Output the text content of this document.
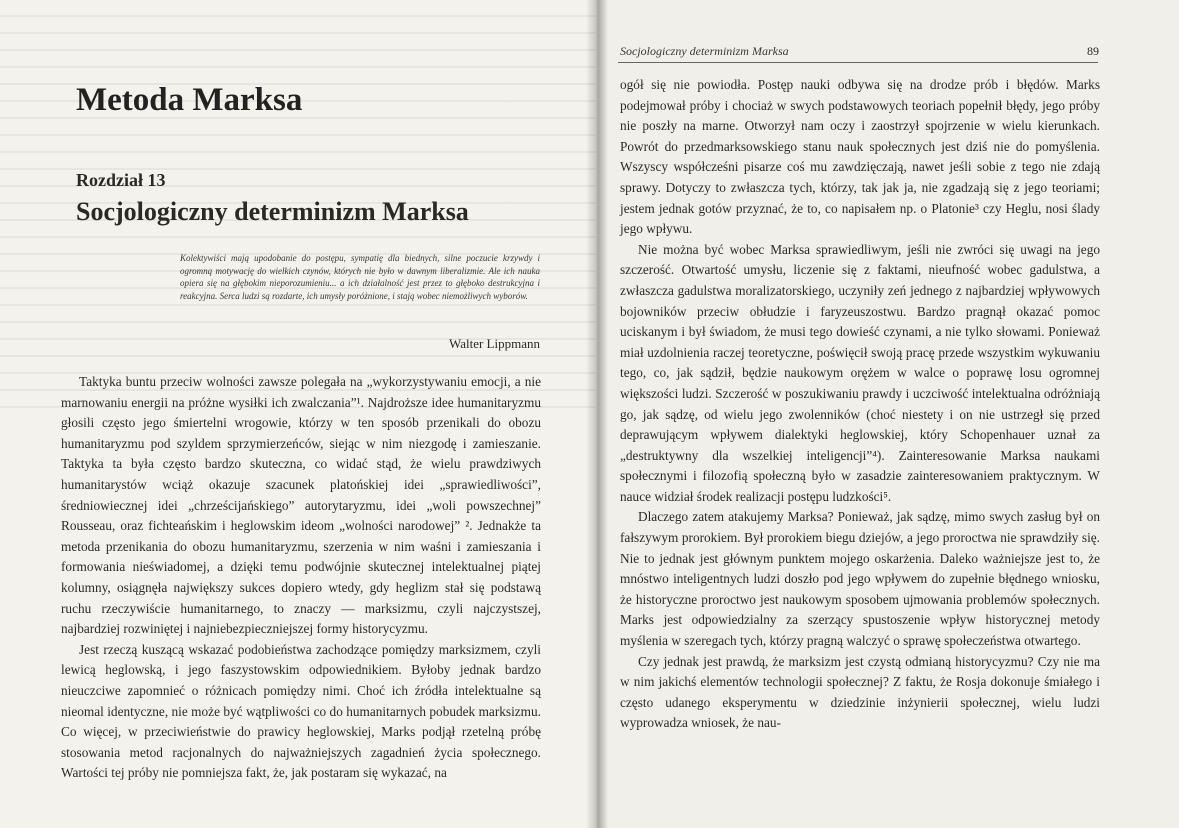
Metoda Marksa
Rozdział 13
Socjologiczny determinizm Marksa
Kolektywiści mają upodobanie do postępu, sympatię dla biednych, silne poczucie krzywdy i ogromną motywację do wielkich czynów, których nie było w dawnym liberalizmie. Ale ich nauka opiera się na głębokim nieporozumieniu... a ich działalność jest przez to głęboko destrukcyjna i reakcyjna. Serca ludzi są rozdarte, ich umysły poróżnione, i stają wobec niemożliwych wyborów.
Walter Lippmann

Taktyka buntu przeciw wolności zawsze polegała na „wykorzystywaniu emocji, a nie marnowaniu energii na próżne wysiłki ich zwalczania”¹. Najdroższe idee humanitaryzmu głosili często jego śmiertelni wrogowie, którzy w ten sposób przenikali do obozu humanitaryzmu pod szyldem sprzymierzeńców, siejąc w nim niezgodę i zamieszanie. Taktyka ta była często bardzo skuteczna, co widać stąd, że wielu prawdziwych humanitarystów wciąż okazuje szacunek platońskiej idei „sprawiedliwości”, średniowiecznej idei „chrześcijańskiego” autorytaryzmu, idei „woli powszechnej” Rousseau, oraz fichteańskim i heglowskim ideom „wolności narodowej” ². Jednakże ta metoda przenikania do obozu humanitaryzmu, szerzenia w nim waśni i zamieszania i formowania nieświadomej, a dzięki temu podwójnie skutecznej intelektualnej piątej kolumny, osiągnęła największy sukces dopiero wtedy, gdy heglizm stał się podstawą ruchu rzeczywiście humanitarnego, to znaczy — marksizmu, czyli najczystszej, najbardziej rozwiniętej i najniebezpieczniejszej formy historycyzmu.

Jest rzeczą kuszącą wskazać podobieństwa zachodzące pomiędzy marksizmem, czyli lewicą heglowską, i jego faszystowskim odpowiednikiem. Byłoby jednak bardzo nieuczciwe zapomnieć o różnicach pomiędzy nimi. Choć ich źródła intelektualne są nieomal identyczne, nie może być wątpliwości co do humanitarnych pobudek marksizmu. Co więcej, w przeciwieństwie do prawicy heglowskiej, Marks podjął rzetelną próbę stosowania metod racjonalnych do najważniejszych zagadnień życia społecznego. Wartości tej próby nie pomniejsza fakt, że, jak postaram się wykazać, na

Socjologiczny determinizm Marksa	89

ogół się nie powiodła. Postęp nauki odbywa się na drodze prób i błędów. Marks podejmował próby i chociaż w swych podstawowych teoriach popełnił błędy, jego próby nie poszły na marne. Otworzył nam oczy i zaostrzył spojrzenie w wielu kierunkach. Powrót do przedmarksowskiego stanu nauk społecznych jest dziś nie do pomyślenia. Wszyscy współcześni pisarze coś mu zawdzięczają, nawet jeśli sobie z tego nie zdają sprawy. Dotyczy to zwłaszcza tych, którzy, tak jak ja, nie zgadzają się z jego teoriami; jestem jednak gotów przyznać, że to, co napisałem np. o Platonie³ czy Heglu, nosi ślady jego wpływu.

Nie można być wobec Marksa sprawiedliwym, jeśli nie zwróci się uwagi na jego szczerość. Otwartość umysłu, liczenie się z faktami, nieufność wobec gadulstwa, a zwłaszcza gadulstwa moralizatorskiego, uczyniły zeń jednego z najbardziej wpływowych bojowników przeciw obłudzie i faryzeuszostwu. Bardzo pragnął okazać pomoc uciskanym i był świadom, że musi tego dowieść czynami, a nie tylko słowami. Ponieważ miał uzdolnienia raczej teoretyczne, poświęcił swoją pracę przede wszystkim wykuwaniu tego, co, jak sądził, będzie naukowym orężem w walce o poprawę losu ogromnej większości ludzi. Szczerość w poszukiwaniu prawdy i uczciwość intelektualna odróżniają go, jak sądzę, od wielu jego zwolenników (choć niestety i on nie ustrzegł się przed deprawującym wpływem dialektyki heglowskiej, który Schopenhauer uznał za „destruktywny dla wszelkiej inteligencji”⁴). Zainteresowanie Marksa naukami społecznymi i filozofią społeczną było w zasadzie zainteresowaniem praktycznym. W nauce widział środek realizacji postępu ludzkości⁵.

Dlaczego zatem atakujemy Marksa? Ponieważ, jak sądzę, mimo swych zasług był on fałszywym prorokiem. Był prorokiem biegu dziejów, a jego proroctwa nie sprawdziły się. Nie to jednak jest głównym punktem mojego oskarżenia. Daleko ważniejsze jest to, że mnóstwo inteligentnych ludzi doszło pod jego wpływem do zupełnie błędnego wniosku, że historyczne proroctwo jest naukowym sposobem ujmowania problemów społecznych. Marks jest odpowiedzialny za szerzący spustoszenie wpływ historycznej metody myślenia w szeregach tych, którzy pragną walczyć o sprawę społeczeństwa otwartego.

Czy jednak jest prawdą, że marksizm jest czystą odmianą historycyzmu? Czy nie ma w nim jakichś elementów technologii społecznej? Z faktu, że Rosja dokonuje śmiałego i często udanego eksperymentu w dziedzinie inżynierii społecznej, wielu ludzi wyprowadza wniosek, że nau-
